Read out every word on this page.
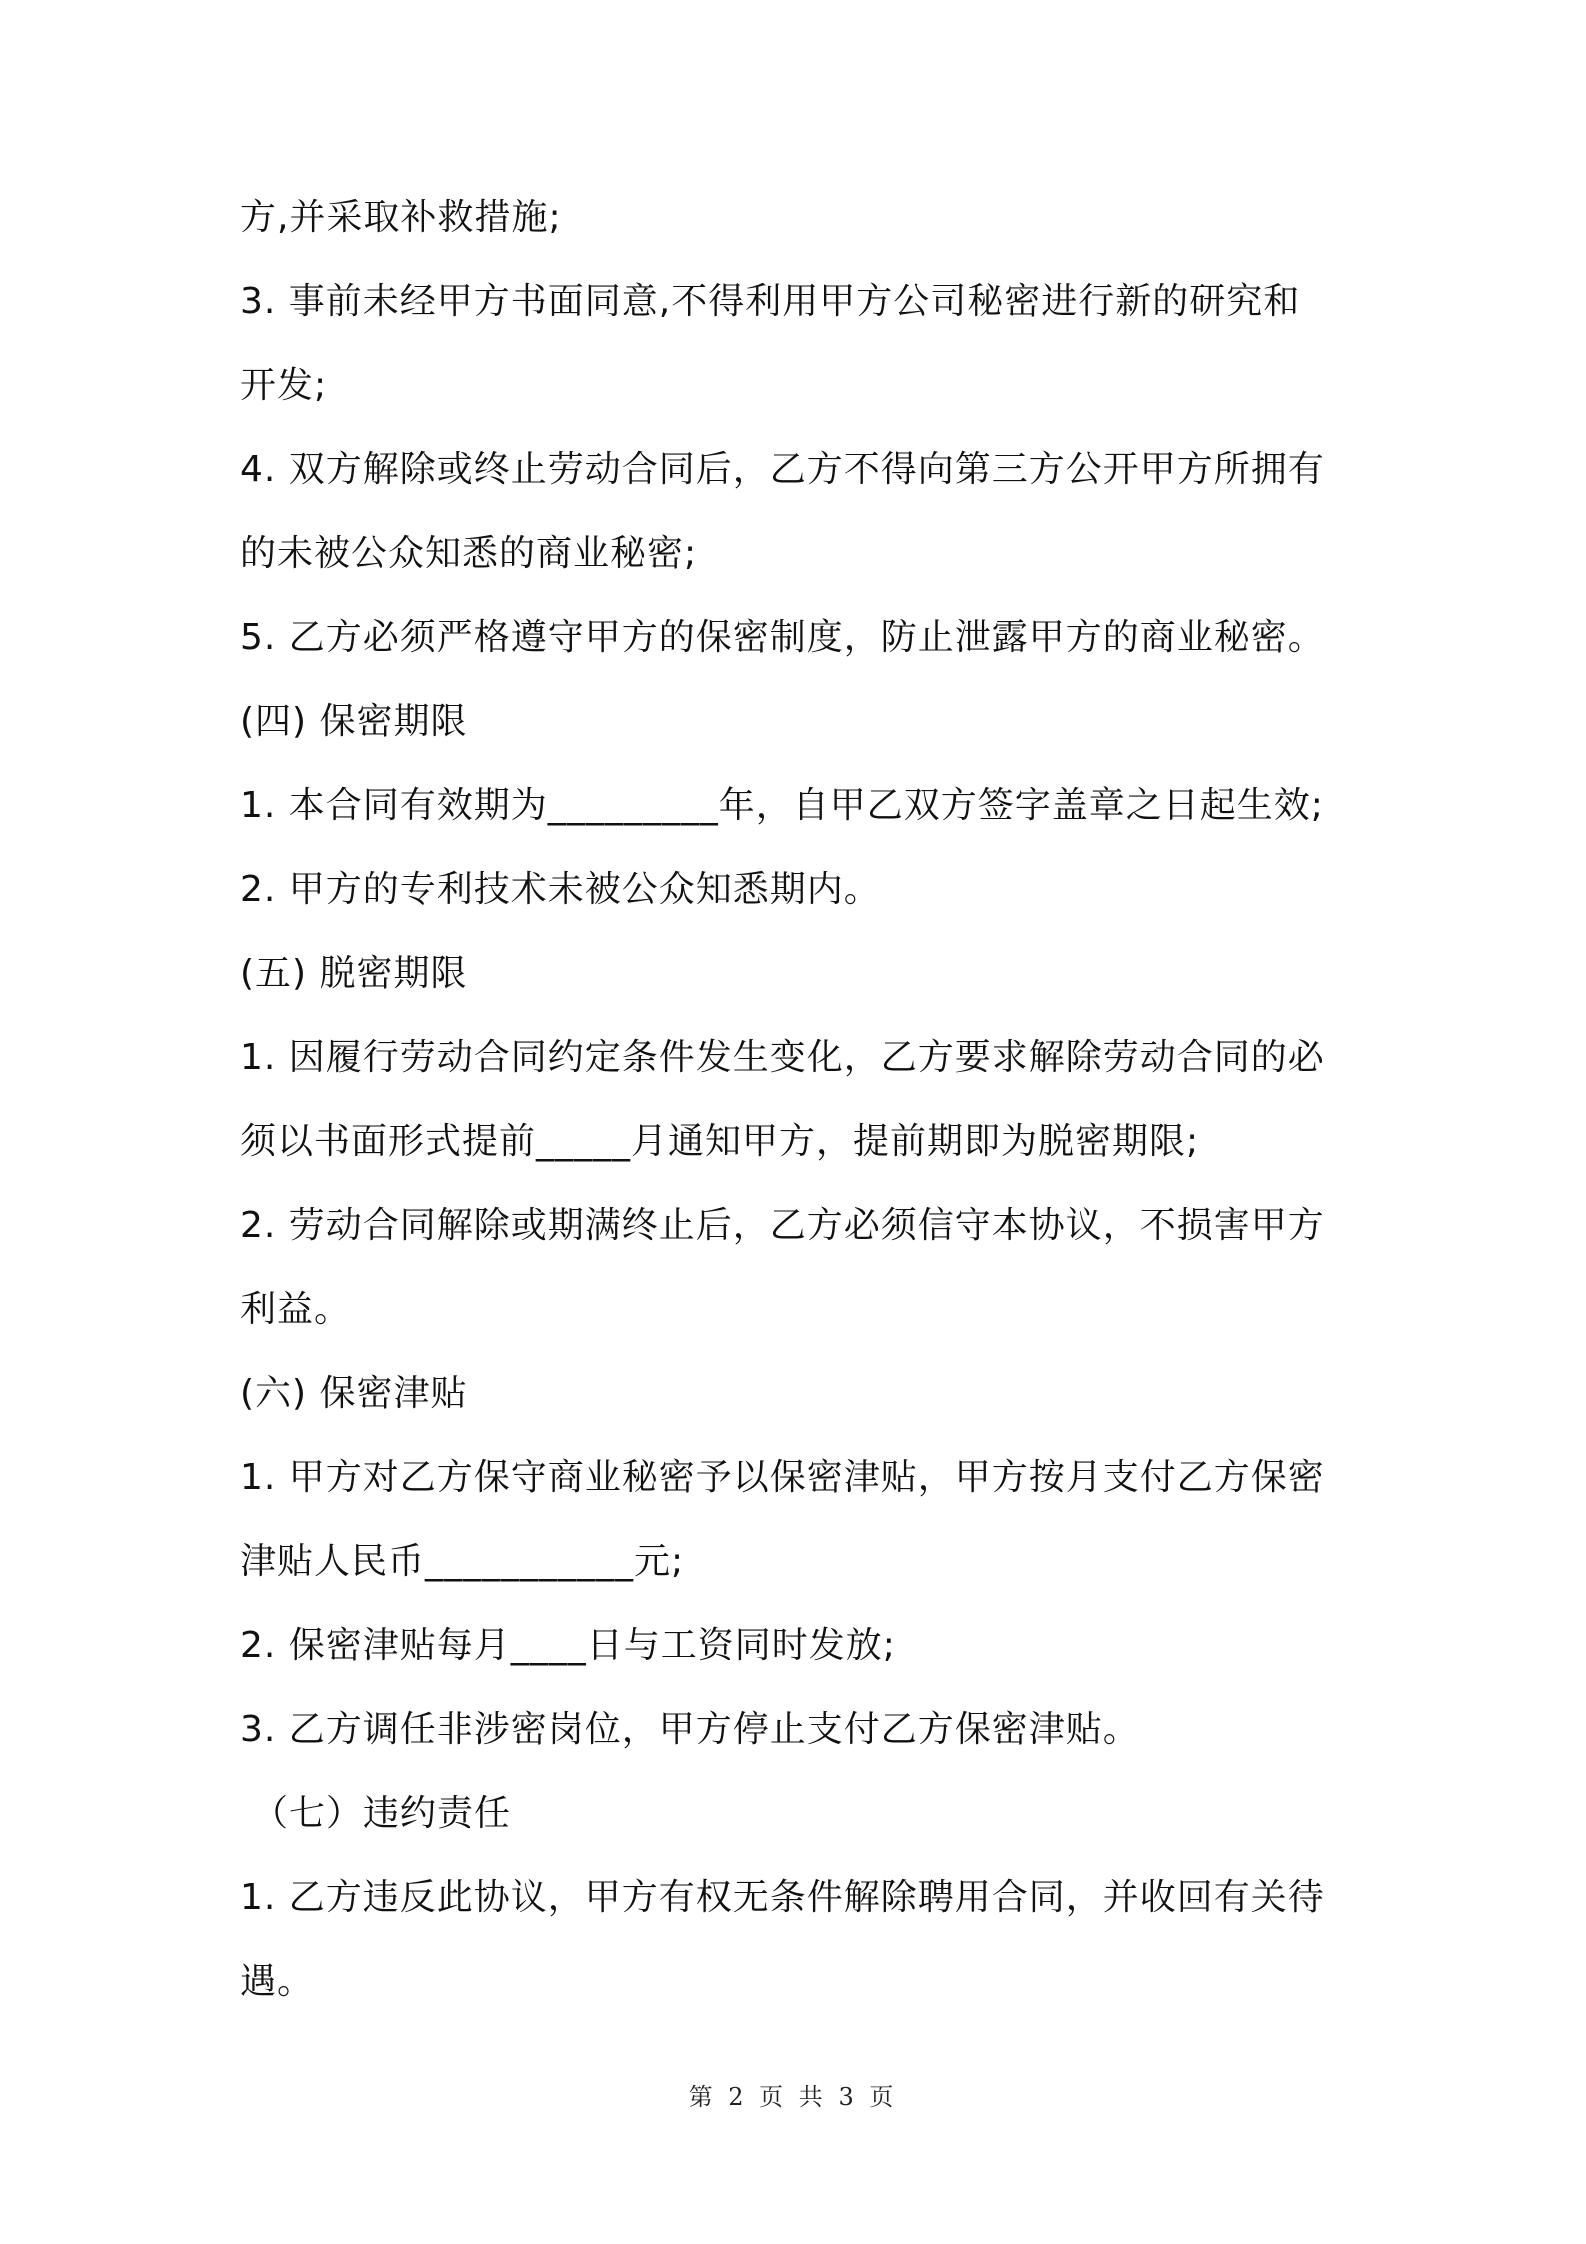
方,并采取补救措施;
3. 事前未经甲方书面同意,不得利用甲方公司秘密进行新的研究和
开发;
4. 双方解除或终止劳动合同后，乙方不得向第三方公开甲方所拥有
的未被公众知悉的商业秘密;
5. 乙方必须严格遵守甲方的保密制度，防止泄露甲方的商业秘密。
(四) 保密期限
1. 本合同有效期为_________年，自甲乙双方签字盖章之日起生效;
2. 甲方的专利技术未被公众知悉期内。
(五) 脱密期限
1. 因履行劳动合同约定条件发生变化，乙方要求解除劳动合同的必
须以书面形式提前_____月通知甲方，提前期即为脱密期限;
2. 劳动合同解除或期满终止后，乙方必须信守本协议，不损害甲方
利益。
(六) 保密津贴
1. 甲方对乙方保守商业秘密予以保密津贴，甲方按月支付乙方保密
津贴人民币___________元;
2. 保密津贴每月____日与工资同时发放;
3. 乙方调任非涉密岗位，甲方停止支付乙方保密津贴。
（七）违约责任
1. 乙方违反此协议，甲方有权无条件解除聘用合同，并收回有关待
遇。
第 2 页 共 3 页
